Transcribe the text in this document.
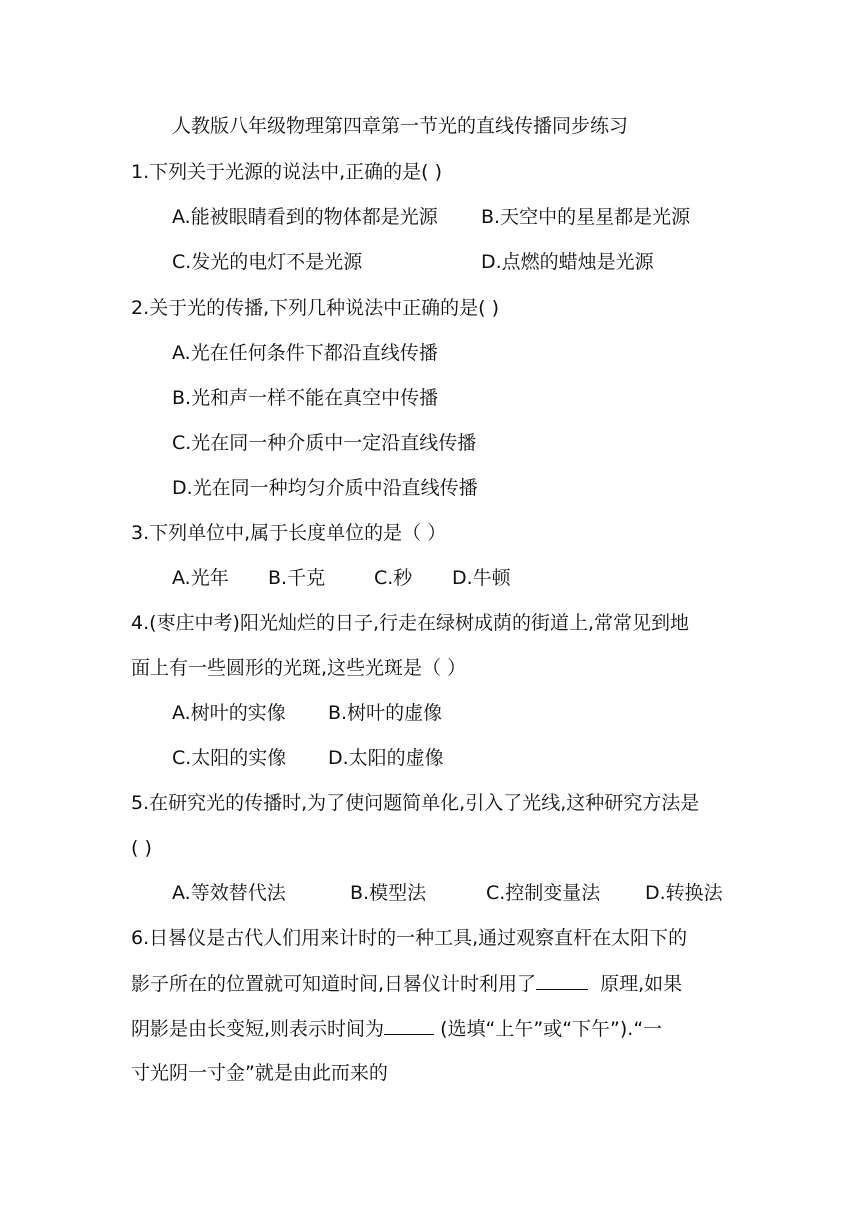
人教版八年级物理第四章第一节光的直线传播同步练习
1.下列关于光源的说法中,正确的是( )
A.能被眼睛看到的物体都是光源 B.天空中的星星都是光源
C.发光的电灯不是光源	D.点燃的蜡烛是光源
2.关于光的传播,下列几种说法中正确的是( )
A.光在任何条件下都沿直线传播
B.光和声一样不能在真空中传播
C.光在同一种介质中一定沿直线传播
D.光在同一种均匀介质中沿直线传播
3.下列单位中,属于长度单位的是（ ）
A.光年 B.千克	C.秒 D.牛顿
4.(枣庄中考)阳光灿烂的日子,行走在绿树成荫的街道上,常常见到地
面上有一些圆形的光斑,这些光斑是（ ）
A.树叶的实像 B.树叶的虚像
C.太阳的实像 D.太阳的虚像
5.在研究光的传播时,为了使问题简单化,引入了光线,这种研究方法是
( )
A.等效替代法	B.模型法	C.控制变量法 D.转换法
6.日晷仪是古代人们用来计时的一种工具,通过观察直杆在太阳下的
影子所在的位置就可知道时间,日晷仪计时利用了	原理,如果
阴影是由长变短,则表示时间为	(选填“上午”或“下午”).“一
寸光阴一寸金”就是由此而来的
